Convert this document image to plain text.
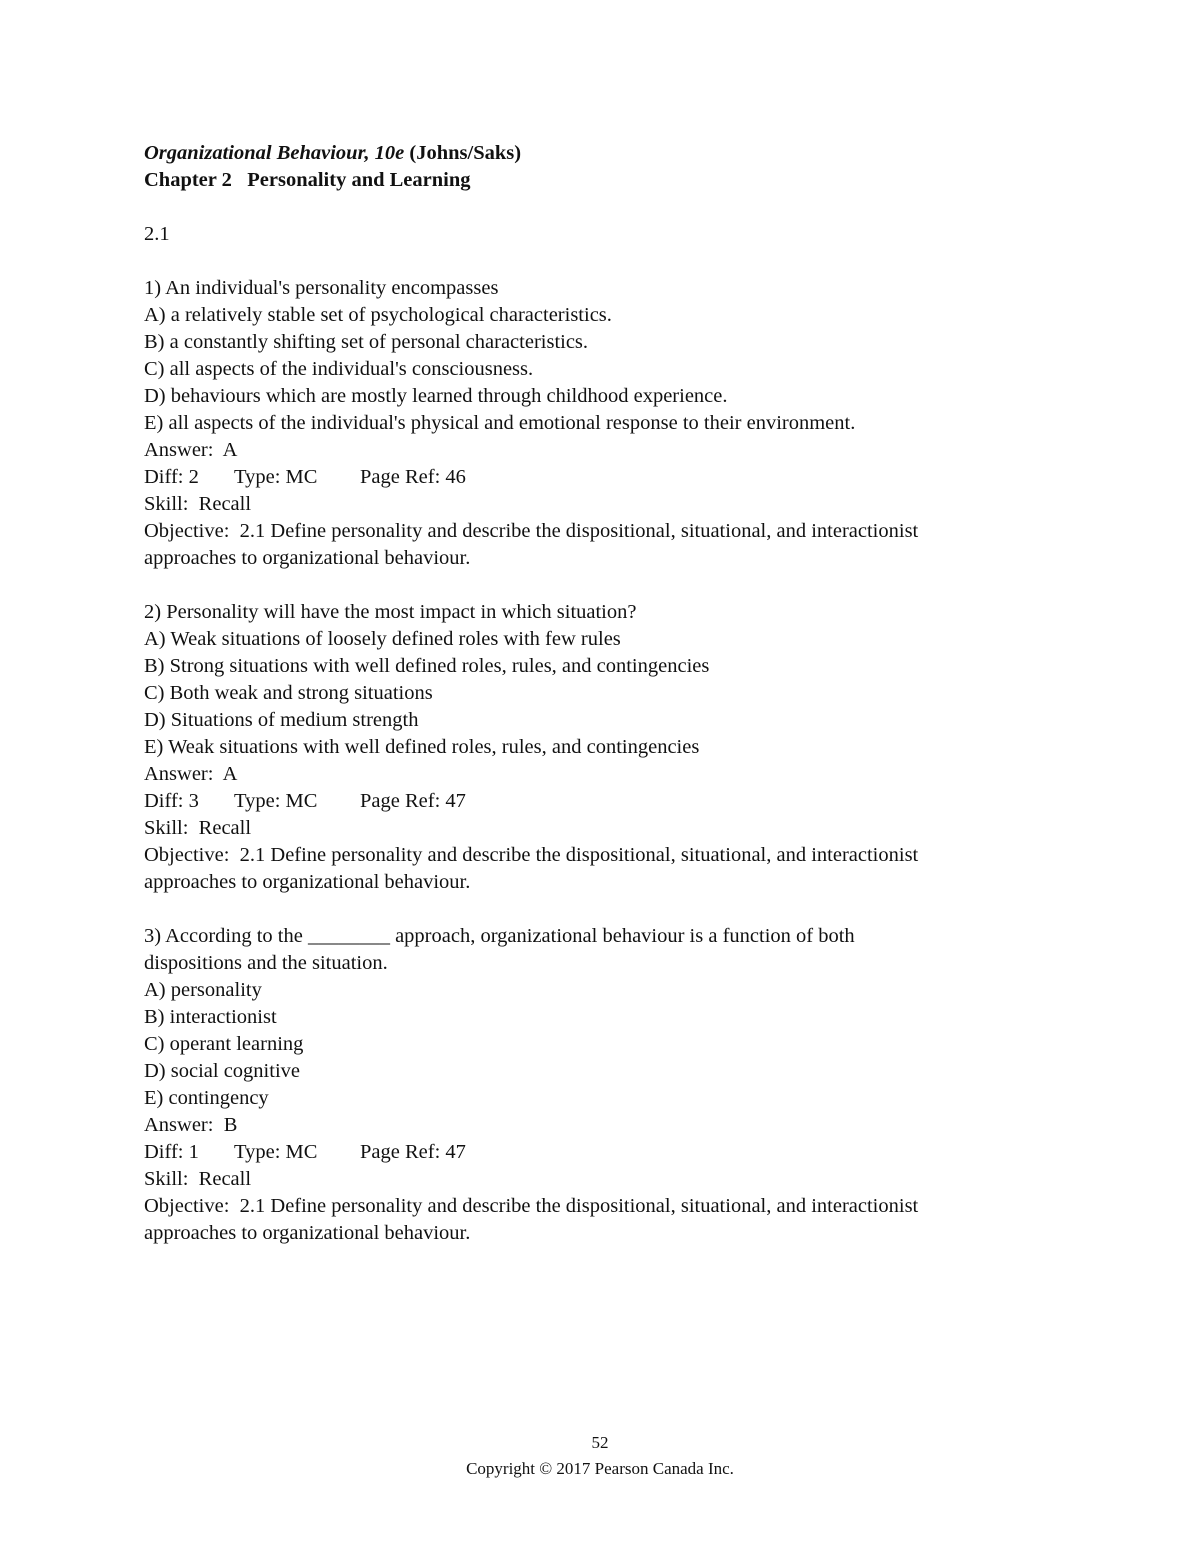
Organizational Behaviour, 10e (Johns/Saks)
Chapter 2   Personality and Learning
2.1
1) An individual's personality encompasses
A) a relatively stable set of psychological characteristics.
B) a constantly shifting set of personal characteristics.
C) all aspects of the individual's consciousness.
D) behaviours which are mostly learned through childhood experience.
E) all aspects of the individual's physical and emotional response to their environment.
Answer:  A
Diff: 2 Type: MC Page Ref: 46
Skill:  Recall
Objective:  2.1 Define personality and describe the dispositional, situational, and interactionist
approaches to organizational behaviour.
2) Personality will have the most impact in which situation?
A) Weak situations of loosely defined roles with few rules
B) Strong situations with well defined roles, rules, and contingencies
C) Both weak and strong situations
D) Situations of medium strength
E) Weak situations with well defined roles, rules, and contingencies
Answer:  A
Diff: 3 Type: MC Page Ref: 47
Skill:  Recall
Objective:  2.1 Define personality and describe the dispositional, situational, and interactionist
approaches to organizational behaviour.
3) According to the ________ approach, organizational behaviour is a function of both
dispositions and the situation.
A) personality
B) interactionist
C) operant learning
D) social cognitive
E) contingency
Answer:  B
Diff: 1 Type: MC Page Ref: 47
Skill:  Recall
Objective:  2.1 Define personality and describe the dispositional, situational, and interactionist
approaches to organizational behaviour.
52
Copyright © 2017 Pearson Canada Inc.
